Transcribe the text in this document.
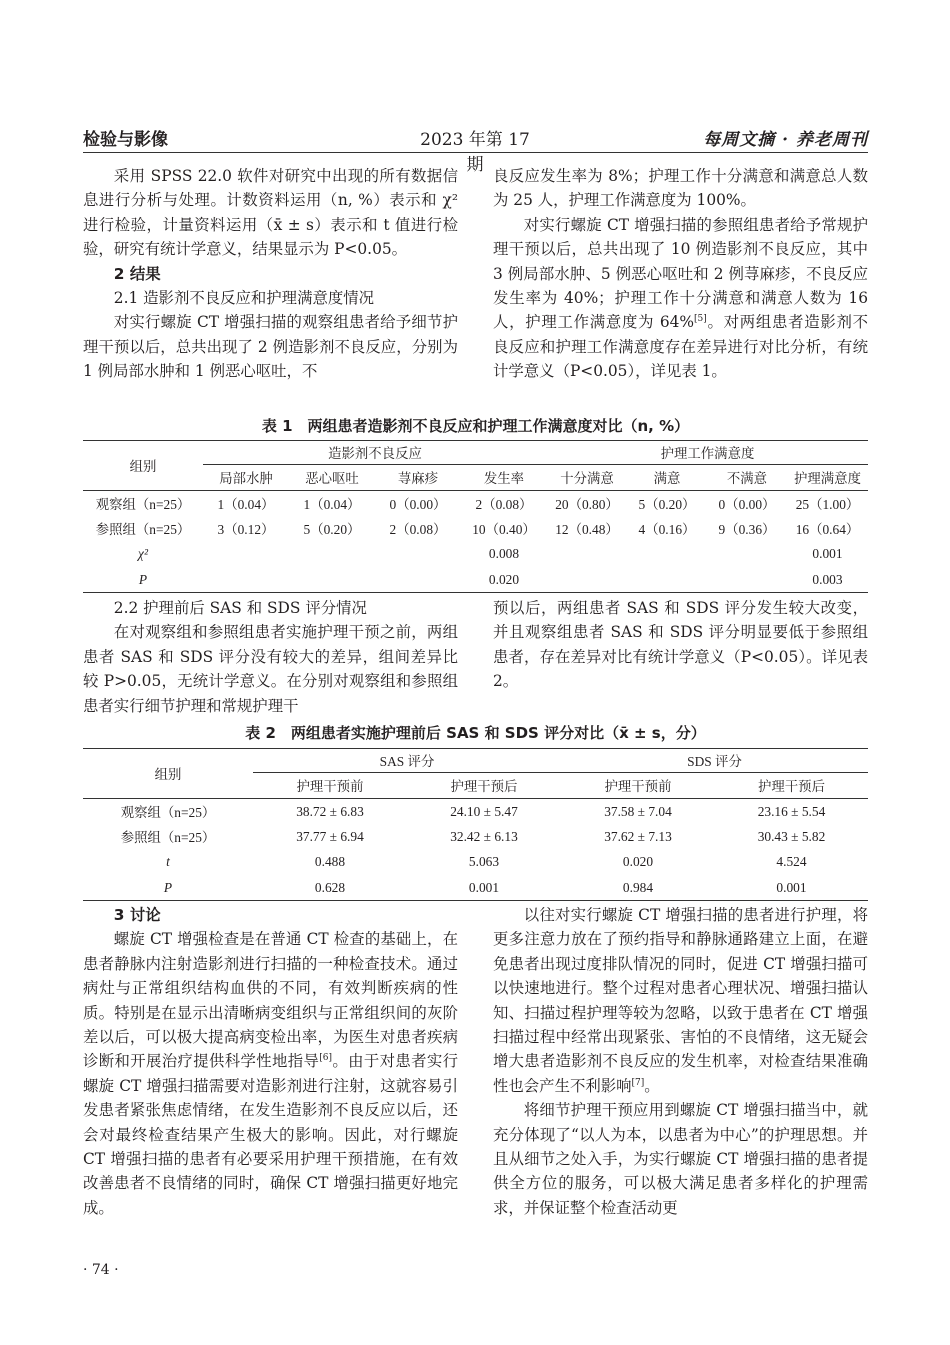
检验与影像	2023 年第 17 期
每周文摘 · 养老周刊

采用 SPSS 22.0 软件对研究中出现的所有数据信息进行分析与处理。计数资料运用（n, %）表示和 χ² 进行检验，计量资料运用（x̄ ± s）表示和 t 值进行检验，研究有统计学意义，结果显示为 P<0.05。

2 结果
2.1 造影剂不良反应和护理满意度情况

对实行螺旋 CT 增强扫描的观察组患者给予细节护理干预以后，总共出现了 2 例造影剂不良反应，分别为 1 例局部水肿和 1 例恶心呕吐，不

良反应发生率为 8%；护理工作十分满意和满意总人数为 25 人，护理工作满意度为 100%。

对实行螺旋 CT 增强扫描的参照组患者给予常规护理干预以后，总共出现了 10 例造影剂不良反应，其中 3 例局部水肿、5 例恶心呕吐和 2 例荨麻疹，不良反应发生率为 40%；护理工作十分满意和满意人数为 16 人，护理工作满意度为 64%[5]。对两组患者造影剂不良反应和护理工作满意度存在差异进行对比分析，有统计学意义（P<0.05），详见表 1。

表 1　两组患者造影剂不良反应和护理工作满意度对比（n, %）
组别	造影剂不良反应				护理工作满意度			
	局部水肿	恶心呕吐	荨麻疹	发生率	十分满意	满意	不满意	护理满意度
观察组（n=25）	1（0.04）	1（0.04）	0（0.00）	2（0.08）	20（0.80）	5（0.20）	0（0.00）	25（1.00）
参照组（n=25）	3（0.12）	5（0.20）	2（0.08）	10（0.40）	12（0.48）	4（0.16）	9（0.36）	16（0.64）
χ²				0.008				0.001
P				0.020				0.003
2.2 护理前后 SAS 和 SDS 评分情况

在对观察组和参照组患者实施护理干预之前，两组患者 SAS 和 SDS 评分没有较大的差异，组间差异比较 P>0.05，无统计学意义。在分别对观察组和参照组患者实行细节护理和常规护理干

预以后，两组患者 SAS 和 SDS 评分发生较大改变，并且观察组患者 SAS 和 SDS 评分明显要低于参照组患者，存在差异对比有统计学意义（P<0.05）。详见表 2。

表 2　两组患者实施护理前后 SAS 和 SDS 评分对比（x̄ ± s，分）
组别	SAS 评分		SDS 评分	
	护理干预前	护理干预后	护理干预前	护理干预后
观察组（n=25）	38.72 ± 6.83	24.10 ± 5.47	37.58 ± 7.04	23.16 ± 5.54
参照组（n=25）	37.77 ± 6.94	32.42 ± 6.13	37.62 ± 7.13	30.43 ± 5.82
t	0.488	5.063	0.020	4.524
P	0.628	0.001	0.984	0.001
3 讨论

螺旋 CT 增强检查是在普通 CT 检查的基础上，在患者静脉内注射造影剂进行扫描的一种检查技术。通过病灶与正常组织结构血供的不同，有效判断疾病的性质。特别是在显示出清晰病变组织与正常组织间的灰阶差以后，可以极大提高病变检出率，为医生对患者疾病诊断和开展治疗提供科学性地指导[6]。由于对患者实行螺旋 CT 增强扫描需要对造影剂进行注射，这就容易引发患者紧张焦虑情绪，在发生造影剂不良反应以后，还会对最终检查结果产生极大的影响。因此，对行螺旋 CT 增强扫描的患者有必要采用护理干预措施，在有效改善患者不良情绪的同时，确保 CT 增强扫描更好地完成。

以往对实行螺旋 CT 增强扫描的患者进行护理，将更多注意力放在了预约指导和静脉通路建立上面，在避免患者出现过度排队情况的同时，促进 CT 增强扫描可以快速地进行。整个过程对患者心理状况、增强扫描认知、扫描过程护理等较为忽略，以致于患者在 CT 增强扫描过程中经常出现紧张、害怕的不良情绪，这无疑会增大患者造影剂不良反应的发生机率，对检查结果准确性也会产生不利影响[7]。

将细节护理干预应用到螺旋 CT 增强扫描当中，就充分体现了“以人为本，以患者为中心”的护理思想。并且从细节之处入手，为实行螺旋 CT 增强扫描的患者提供全方位的服务，可以极大满足患者多样化的护理需求，并保证整个检查活动更

· 74 ·
